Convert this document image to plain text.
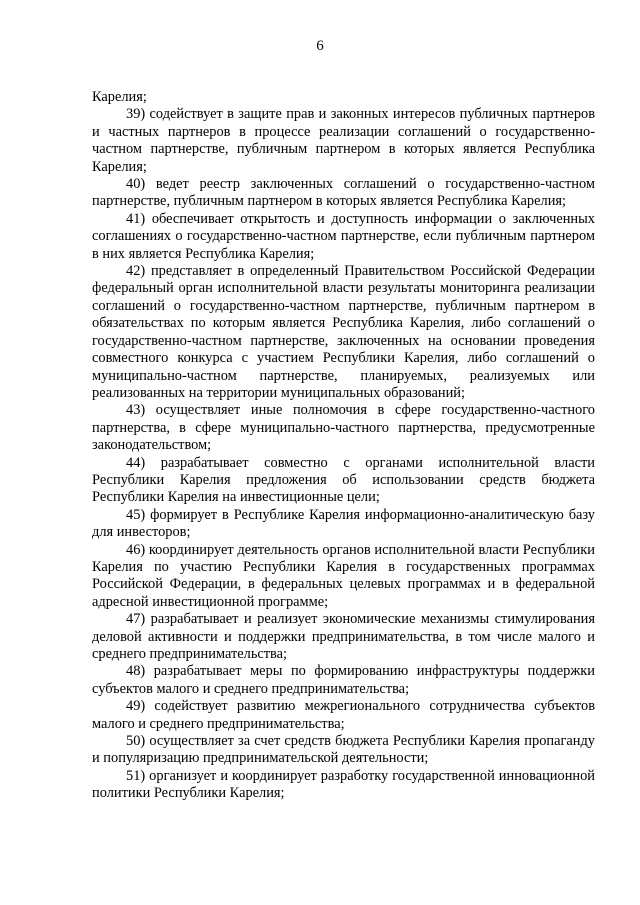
6

Карелия;

39) содействует в защите прав и законных интересов публичных партнеров и частных партнеров в процессе реализации соглашений о государственно-частном партнерстве, публичным партнером в которых является Республика Карелия;

40) ведет реестр заключенных соглашений о государственно-частном партнерстве, публичным партнером в которых является Республика Карелия;

41) обеспечивает открытость и доступность информации о заключенных соглашениях о государственно-частном партнерстве, если публичным партнером в них является Республика Карелия;

42) представляет в определенный Правительством Российской Федерации федеральный орган исполнительной власти результаты мониторинга реализации соглашений о государственно-частном партнерстве, публичным партнером в обязательствах по которым является Республика Карелия, либо соглашений о государственно-частном партнерстве, заключенных на основании проведения совместного конкурса с участием Республики Карелия, либо соглашений о муниципально-частном партнерстве, планируемых, реализуемых или реализованных на территории муниципальных образований;

43) осуществляет иные полномочия в сфере государственно-частного партнерства, в сфере муниципально-частного партнерства, предусмотренные законодательством;

44) разрабатывает совместно с органами исполнительной власти Республики Карелия предложения об использовании средств бюджета Республики Карелия на инвестиционные цели;

45) формирует в Республике Карелия информационно-аналитическую базу для инвесторов;

46) координирует деятельность органов исполнительной власти Республики Карелия по участию Республики Карелия в государственных программах Российской Федерации, в федеральных целевых программах и в федеральной адресной инвестиционной программе;

47) разрабатывает и реализует экономические механизмы стимулирования деловой активности и поддержки предпринимательства, в том числе малого и среднего предпринимательства;

48) разрабатывает меры по формированию инфраструктуры поддержки субъектов малого и среднего предпринимательства;

49) содействует развитию межрегионального сотрудничества субъектов малого и среднего предпринимательства;

50) осуществляет за счет средств бюджета Республики Карелия пропаганду и популяризацию предпринимательской деятельности;

51) организует и координирует разработку государственной инновационной политики Республики Карелия;
